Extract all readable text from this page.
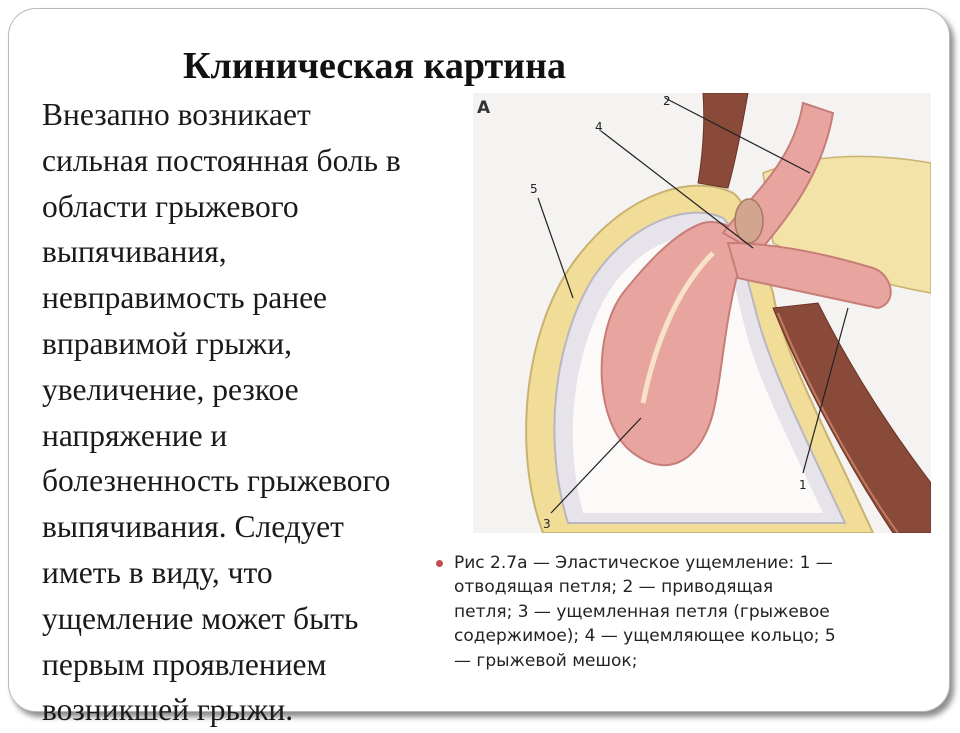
Клиническая картина
Внезапно возникает
сильная постоянная боль в
области грыжевого
выпячивания,
невправимость ранее
вправимой грыжи,
увеличение, резкое
напряжение и
болезненность грыжевого
выпячивания. Следует
иметь в виду, что
ущемление может быть
первым проявлением
возникшей грыжи.
A	2
4
5
3
1
Рис 2.7а — Эластическое ущемление: 1 —
отводящая петля; 2 — приводящая
петля; 3 — ущемленная петля (грыжевое
содержимое); 4 — ущемляющее кольцо; 5
— грыжевой мешок;
